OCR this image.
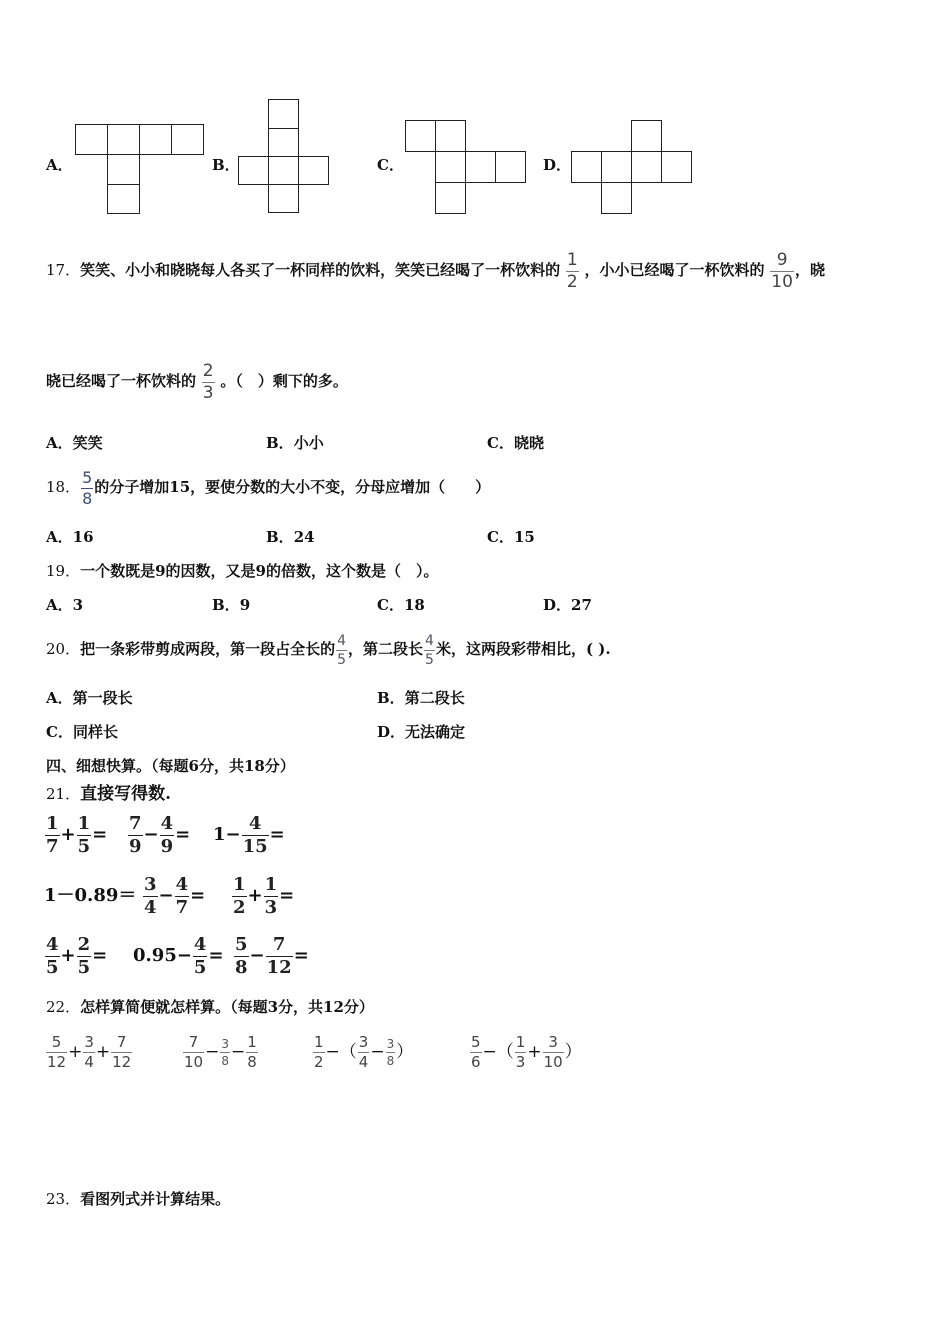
A．	B．	C．	D．
17．笑笑、小小和晓晓每人各买了一杯同样的饮料，笑笑已经喝了一杯饮料的 $\frac{1}{2}$ ，小小已经喝了一杯饮料的 $\frac{9}{10}$ ，晓
晓已经喝了一杯饮料的 $\frac{2}{3}$ 。（　）剩下的多。
A．笑笑	B．小小	C．晓晓
18． $\frac{5}{8}$ 的分子增加15，要使分数的大小不变，分母应增加（　　）
A．16	B．24	C．15
19．一个数既是9的因数，又是9的倍数，这个数是（　）。
A．3	B．9	C．18	D．27
20．把一条彩带剪成两段，第一段占全长的 $\frac{4}{5}$ ，第二段长 $\frac{4}{5}$ 米，这两段彩带相比，( ).
A．第一段长	B．第二段长
C．同样长	D．无法确定
四、细想快算。（每题6分，共18分）
21．直接写得数.
$\frac{1}{7} + \frac{1}{5} = \frac{7}{9} - \frac{4}{9} = 1- \frac{4}{15}$ =
$1-0.89= \frac{3}{4} - \frac{4}{7} = \frac{1}{2} + \frac{1}{3}$ =
$\frac{4}{5} + \frac{2}{5} = 0.95- \frac{4}{5} = \frac{5}{8} - \frac{7}{12}$ =
22．怎样算简便就怎样算。（每题3分，共12分）
$\frac{5}{12} + \frac{3}{4} + \frac{7}{12}$	$\frac{7}{10} - \frac{3}{8} - \frac{1}{8}$	$\frac{1}{2}$ −（ $\frac{3}{4} - \frac{3}{8}$ ）	$\frac{5}{6}$ −（ $\frac{1}{3} + \frac{3}{10}$ ）
23．看图列式并计算结果。
